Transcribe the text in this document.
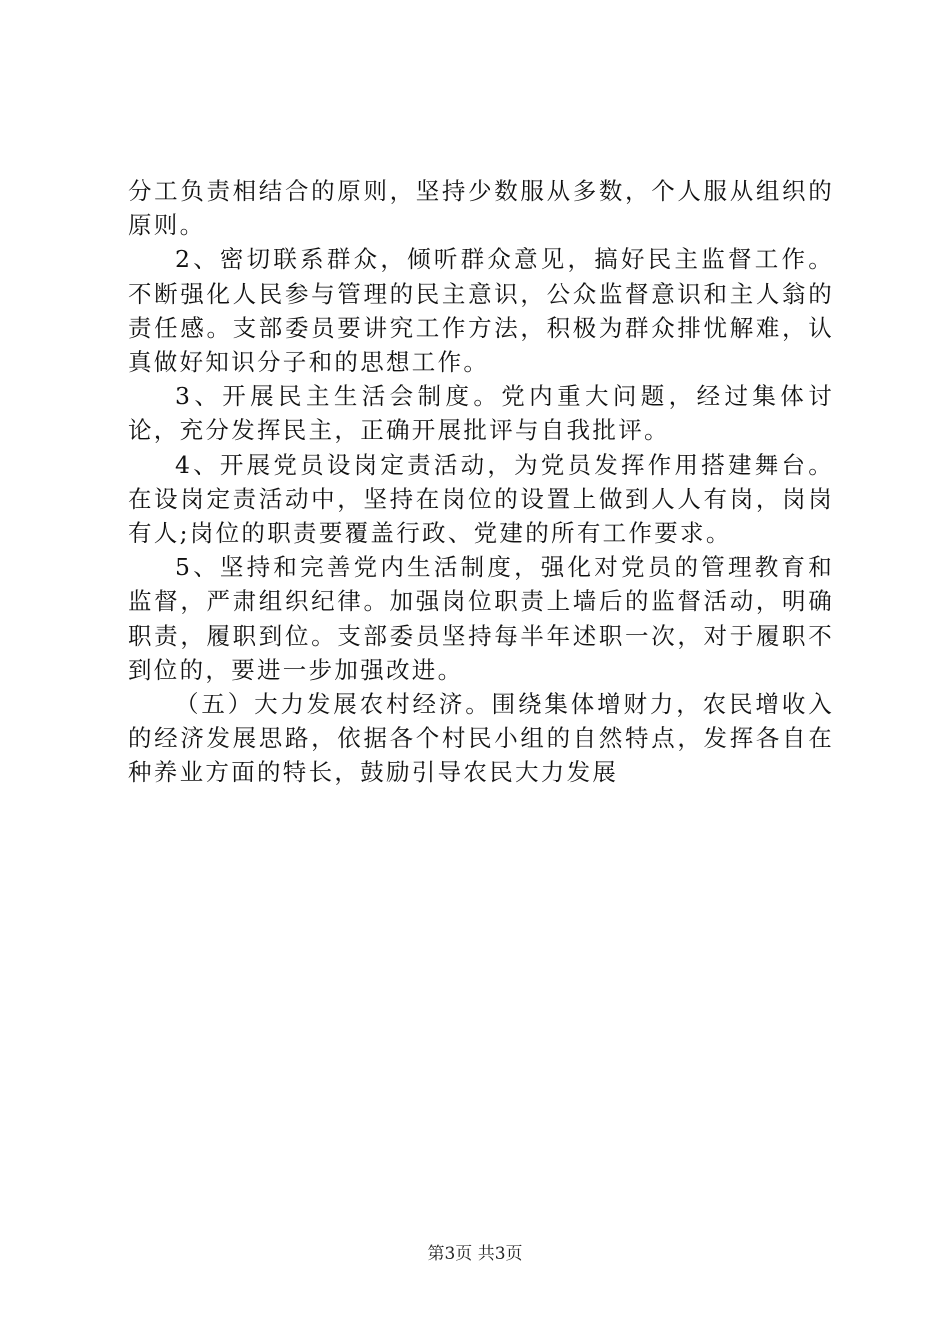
分工负责相结合的原则，坚持少数服从多数，个人服从组织的原则。

2、密切联系群众，倾听群众意见，搞好民主监督工作。不断强化人民参与管理的民主意识，公众监督意识和主人翁的责任感。支部委员要讲究工作方法，积极为群众排忧解难，认真做好知识分子和的思想工作。

3、开展民主生活会制度。党内重大问题，经过集体讨论，充分发挥民主，正确开展批评与自我批评。

4、开展党员设岗定责活动，为党员发挥作用搭建舞台。在设岗定责活动中，坚持在岗位的设置上做到人人有岗，岗岗有人;岗位的职责要覆盖行政、党建的所有工作要求。

5、坚持和完善党内生活制度，强化对党员的管理教育和监督，严肃组织纪律。加强岗位职责上墙后的监督活动，明确职责，履职到位。支部委员坚持每半年述职一次，对于履职不到位的，要进一步加强改进。

（五）大力发展农村经济。围绕集体增财力，农民增收入的经济发展思路，依据各个村民小组的自然特点，发挥各自在种养业方面的特长，鼓励引导农民大力发展

第3页 共3页
